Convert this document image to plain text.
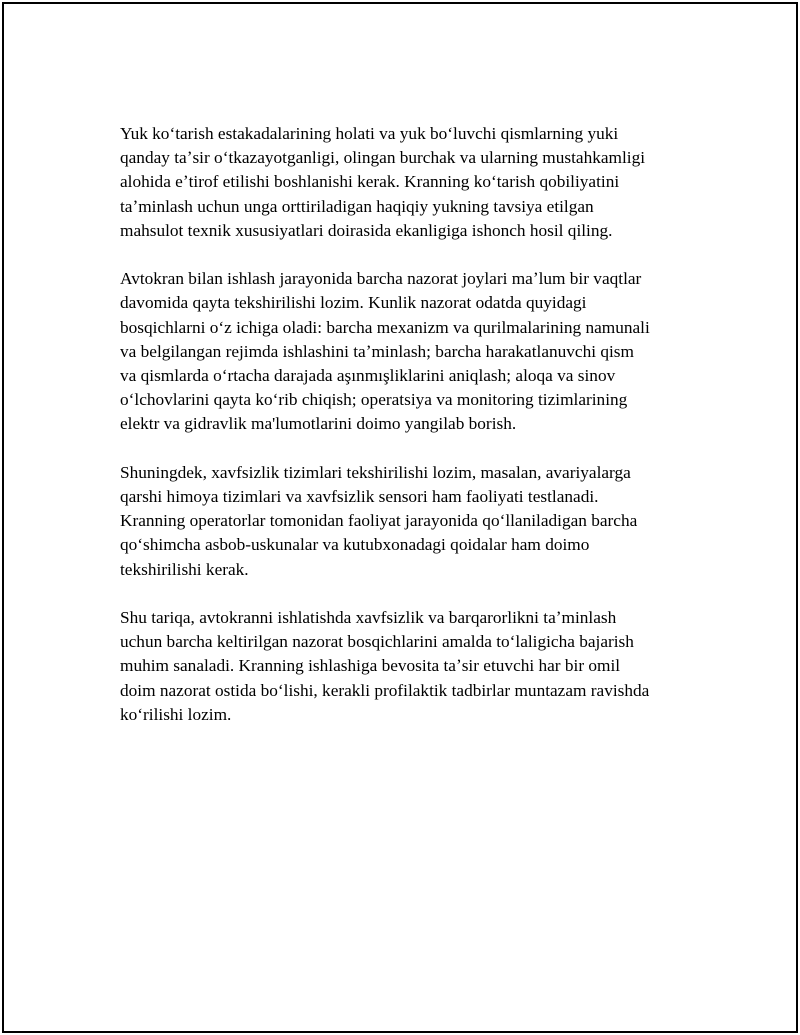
Yuk koʻtarish estakadalarining holati va yuk boʻluvchi qismlarning yuki
qanday taʼsir oʻtkazayotganligi, olingan burchak va ularning mustahkamligi
alohida eʼtirof etilishi boshlanishi kerak. Kranning koʻtarish qobiliyatini
taʼminlash uchun unga orttiriladigan haqiqiy yukning tavsiya etilgan
mahsulot texnik xususiyatlari doirasida ekanligiga ishonch hosil qiling.

Avtokran bilan ishlash jarayonida barcha nazorat joylari maʼlum bir vaqtlar
davomida qayta tekshirilishi lozim. Kunlik nazorat odatda quyidagi
bosqichlarni oʻz ichiga oladi: barcha mexanizm va qurilmalarining namunali
va belgilangan rejimda ishlashini taʼminlash; barcha harakatlanuvchi qism
va qismlarda oʻrtacha darajada aşınmışliklarini aniqlash; aloqa va sinov
oʻlchovlarini qayta koʻrib chiqish; operatsiya va monitoring tizimlarining
elektr va gidravlik ma'lumotlarini doimo yangilab borish.

Shuningdek, xavfsizlik tizimlari tekshirilishi lozim, masalan, avariyalarga
qarshi himoya tizimlari va xavfsizlik sensori ham faoliyati testlanadi.
Kranning operatorlar tomonidan faoliyat jarayonida qoʻllaniladigan barcha
qoʻshimcha asbob-uskunalar va kutubxonadagi qoidalar ham doimo
tekshirilishi kerak.

Shu tariqa, avtokranni ishlatishda xavfsizlik va barqarorlikni taʼminlash
uchun barcha keltirilgan nazorat bosqichlarini amalda toʻlaligicha bajarish
muhim sanaladi. Kranning ishlashiga bevosita taʼsir etuvchi har bir omil
doim nazorat ostida boʻlishi, kerakli profilaktik tadbirlar muntazam ravishda
koʻrilishi lozim.
